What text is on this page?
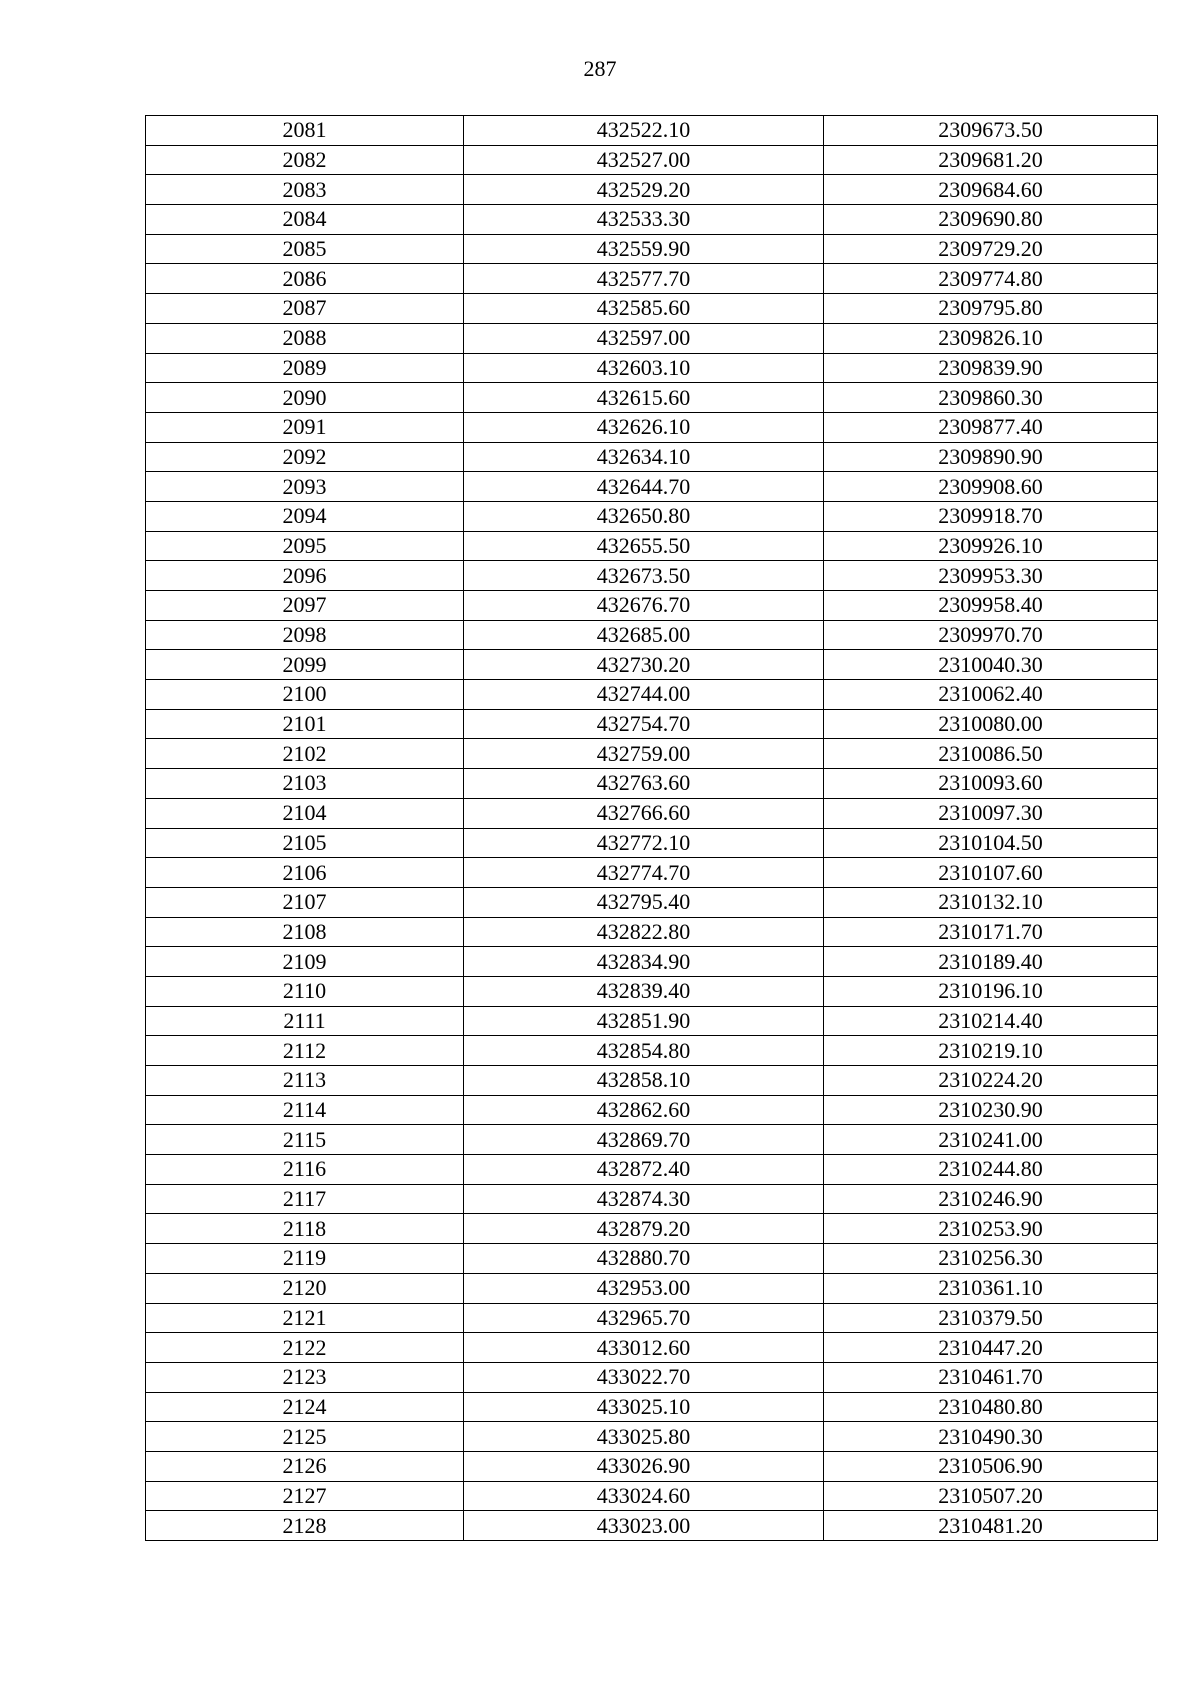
287
2081	432522.10	2309673.50
2082	432527.00	2309681.20
2083	432529.20	2309684.60
2084	432533.30	2309690.80
2085	432559.90	2309729.20
2086	432577.70	2309774.80
2087	432585.60	2309795.80
2088	432597.00	2309826.10
2089	432603.10	2309839.90
2090	432615.60	2309860.30
2091	432626.10	2309877.40
2092	432634.10	2309890.90
2093	432644.70	2309908.60
2094	432650.80	2309918.70
2095	432655.50	2309926.10
2096	432673.50	2309953.30
2097	432676.70	2309958.40
2098	432685.00	2309970.70
2099	432730.20	2310040.30
2100	432744.00	2310062.40
2101	432754.70	2310080.00
2102	432759.00	2310086.50
2103	432763.60	2310093.60
2104	432766.60	2310097.30
2105	432772.10	2310104.50
2106	432774.70	2310107.60
2107	432795.40	2310132.10
2108	432822.80	2310171.70
2109	432834.90	2310189.40
2110	432839.40	2310196.10
2111	432851.90	2310214.40
2112	432854.80	2310219.10
2113	432858.10	2310224.20
2114	432862.60	2310230.90
2115	432869.70	2310241.00
2116	432872.40	2310244.80
2117	432874.30	2310246.90
2118	432879.20	2310253.90
2119	432880.70	2310256.30
2120	432953.00	2310361.10
2121	432965.70	2310379.50
2122	433012.60	2310447.20
2123	433022.70	2310461.70
2124	433025.10	2310480.80
2125	433025.80	2310490.30
2126	433026.90	2310506.90
2127	433024.60	2310507.20
2128	433023.00	2310481.20
